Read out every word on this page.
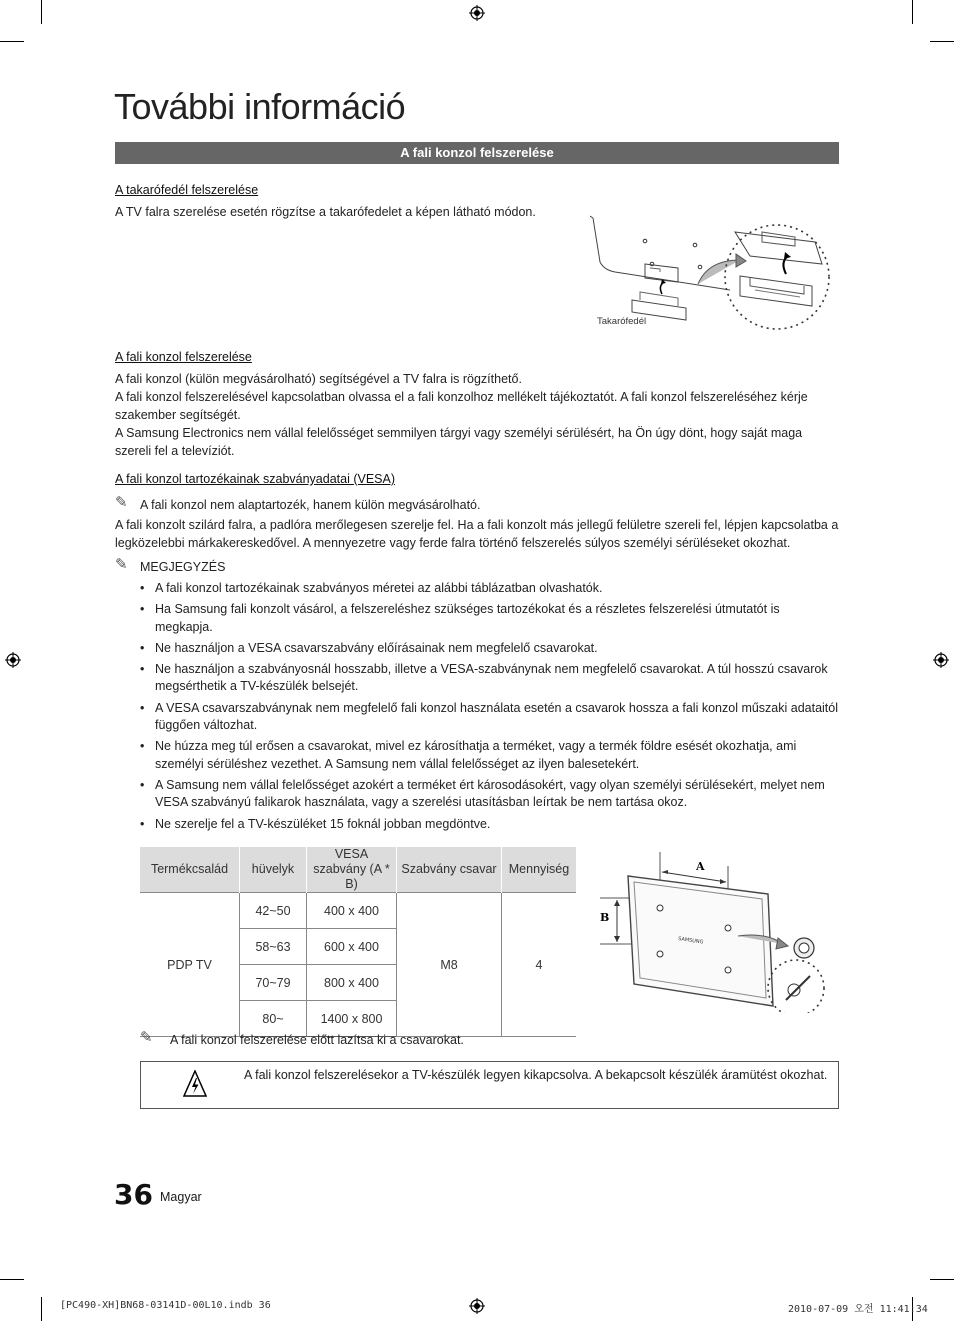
További információ
A fali konzol felszerelése
A takarófedél felszerelése
A TV falra szerelése esetén rögzítse a takarófedelet a képen látható módon.
Takarófedél
A fali konzol felszerelése
A fali konzol (külön megvásárolható) segítségével a TV falra is rögzíthető.
A fali konzol felszerelésével kapcsolatban olvassa el a fali konzolhoz mellékelt tájékoztatót. A fali konzol felszereléséhez kérje szakember segítségét.
A Samsung Electronics nem vállal felelősséget semmilyen tárgyi vagy személyi sérülésért, ha Ön úgy dönt, hogy saját maga szereli fel a televíziót.
A fali konzol tartozékainak szabványadatai (VESA)
✎ A fali konzol nem alaptartozék, hanem külön megvásárolható.
A fali konzolt szilárd falra, a padlóra merőlegesen szerelje fel. Ha a fali konzolt más jellegű felületre szereli fel, lépjen kapcsolatba a legközelebbi márkakereskedővel. A mennyezetre vagy ferde falra történő felszerelés súlyos személyi sérüléseket okozhat.
✎ MEGJEGYZÉS
• A fali konzol tartozékainak szabványos méretei az alábbi táblázatban olvashatók.
• Ha Samsung fali konzolt vásárol, a felszereléshez szükséges tartozékokat és a részletes felszerelési útmutatót is megkapja.
• Ne használjon a VESA csavarszabvány előírásainak nem megfelelő csavarokat.
• Ne használjon a szabványosnál hosszabb, illetve a VESA-szabványnak nem megfelelő csavarokat. A túl hosszú csavarok megsérthetik a TV-készülék belsejét.
• A VESA csavarszabványnak nem megfelelő fali konzol használata esetén a csavarok hossza a fali konzol műszaki adataitól függően változhat.
• Ne húzza meg túl erősen a csavarokat, mivel ez károsíthatja a terméket, vagy a termék földre esését okozhatja, ami személyi sérüléshez vezethet. A Samsung nem vállal felelősséget az ilyen balesetekért.
• A Samsung nem vállal felelősséget azokért a terméket ért károsodásokért, vagy olyan személyi sérülésekért, melyet nem VESA szabványú falikarok használata, vagy a szerelési utasításban leírtak be nem tartása okoz.
• Ne szerelje fel a TV-készüléket 15 foknál jobban megdöntve.
Termékcsalád	hüvelyk	VESA szabvány (A * B)	Szabvány csavar	Mennyiség
PDP TV	42~50	400 x 400	M8	4
	58~63	600 x 400		
	70~79	800 x 400		
	80~	1400 x 800		
A
B
SAMSUNG
✎ A fali konzol felszerelése előtt lazítsa ki a csavarokat.
A fali konzol felszerelésekor a TV-készülék legyen kikapcsolva. A bekapcsolt készülék áramütést okozhat.
36 Magyar
[PC490-XH]BN68-03141D-00L10.indb 36	2010-07-09 오전 11:41:34
